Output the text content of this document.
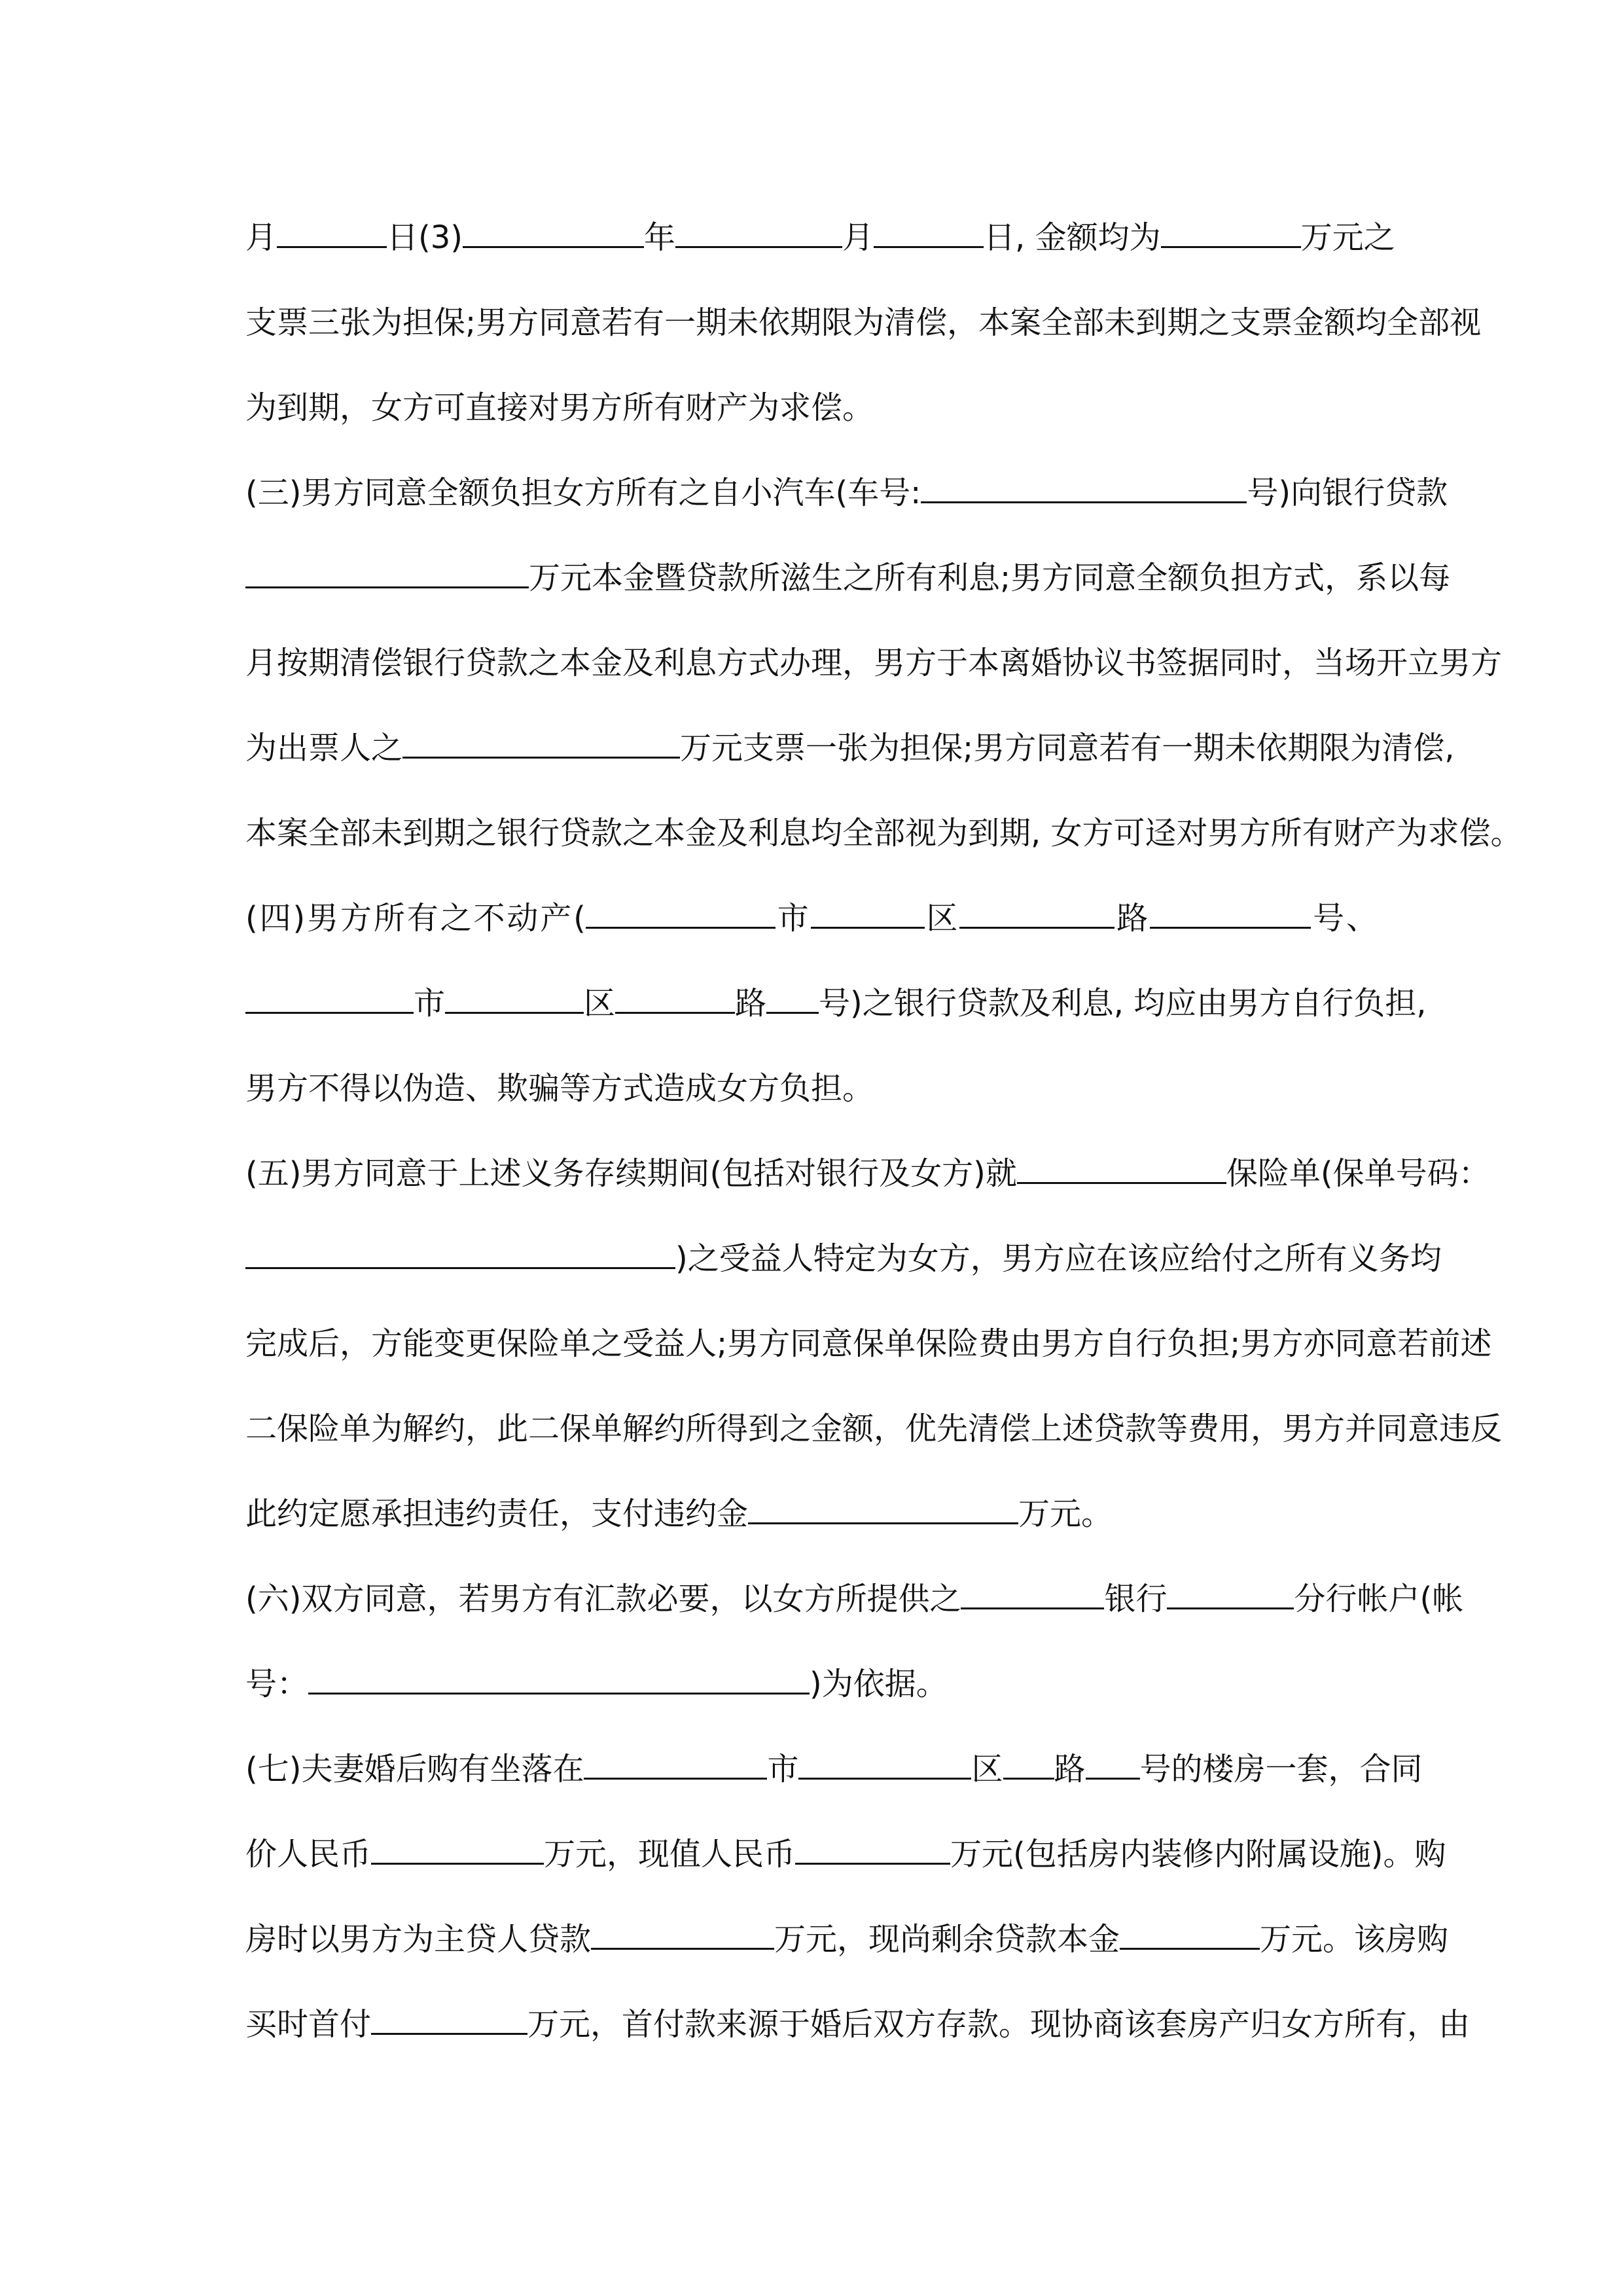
月	日(3)	年	月	日, 金额均为	万元之
支票三张为担保;男方同意若有一期未依期限为清偿，本案全部未到期之支票金额均全部视
为到期，女方可直接对男方所有财产为求偿。
(三)男方同意全额负担女方所有之自小汽车(车号:	号)向银行贷款
万元本金暨贷款所滋生之所有利息;男方同意全额负担方式，系以每
月按期清偿银行贷款之本金及利息方式办理，男方于本离婚协议书签据同时，当场开立男方
为出票人之	万元支票一张为担保;男方同意若有一期未依期限为清偿,
本案全部未到期之银行贷款之本金及利息均全部视为到期, 女方可迳对男方所有财产为求偿。
(四)男方所有之不动产(	市	区	路	号、
市	区	路 号)之银行贷款及利息, 均应由男方自行负担,
男方不得以伪造、欺骗等方式造成女方负担。
(五)男方同意于上述义务存续期间(包括对银行及女方)就	保险单(保单号码：
)之受益人特定为女方，男方应在该应给付之所有义务均
完成后，方能变更保险单之受益人;男方同意保单保险费由男方自行负担;男方亦同意若前述
二保险单为解约，此二保单解约所得到之金额，优先清偿上述贷款等费用，男方并同意违反
此约定愿承担违约责任，支付违约金	万元。
(六)双方同意，若男方有汇款必要，以女方所提供之	银行	分行帐户(帐
号：	)为依据。
(七)夫妻婚后购有坐落在	市	区 路 号的楼房一套，合同
价人民币	万元，现值人民币	万元(包括房内装修内附属设施)。购
房时以男方为主贷人贷款	万元，现尚剩余贷款本金	万元。该房购
买时首付	万元，首付款来源于婚后双方存款。现协商该套房产归女方所有，由
